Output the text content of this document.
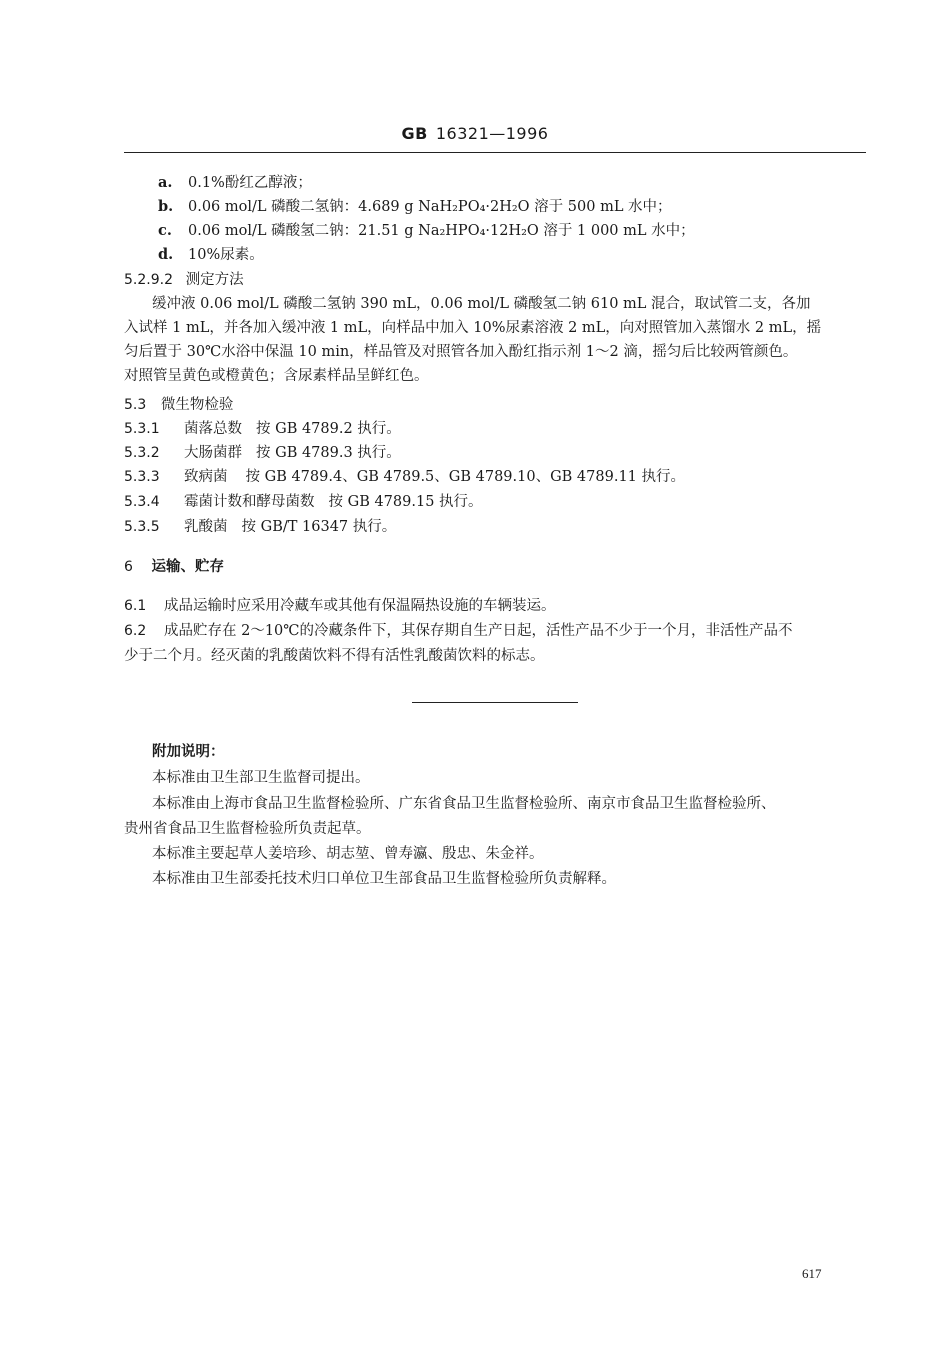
GB 16321—1996
a. 0.1%酚红乙醇液；
b. 0.06 mol/L 磷酸二氢钠：4.689 g NaH₂PO₄·2H₂O 溶于 500 mL 水中；
c. 0.06 mol/L 磷酸氢二钠：21.51 g Na₂HPO₄·12H₂O 溶于 1 000 mL 水中；
d. 10%尿素。
5.2.9.2 测定方法
缓冲液 0.06 mol/L 磷酸二氢钠 390 mL，0.06 mol/L 磷酸氢二钠 610 mL 混合，取试管二支，各加
入试样 1 mL，并各加入缓冲液 1 mL，向样品中加入 10%尿素溶液 2 mL，向对照管加入蒸馏水 2 mL，摇
匀后置于 30℃水浴中保温 10 min，样品管及对照管各加入酚红指示剂 1～2 滴，摇匀后比较两管颜色。
对照管呈黄色或橙黄色；含尿素样品呈鲜红色。
5.3 微生物检验
5.3.1 菌落总数 按 GB 4789.2 执行。
5.3.2 大肠菌群 按 GB 4789.3 执行。
5.3.3 致病菌 按 GB 4789.4、GB 4789.5、GB 4789.10、GB 4789.11 执行。
5.3.4 霉菌计数和酵母菌数 按 GB 4789.15 执行。
5.3.5 乳酸菌 按 GB/T 16347 执行。
6 运输、贮存
6.1 成品运输时应采用冷藏车或其他有保温隔热设施的车辆装运。
6.2 成品贮存在 2～10℃的冷藏条件下，其保存期自生产日起，活性产品不少于一个月，非活性产品不
少于二个月。经灭菌的乳酸菌饮料不得有活性乳酸菌饮料的标志。
附加说明：
本标准由卫生部卫生监督司提出。
本标准由上海市食品卫生监督检验所、广东省食品卫生监督检验所、南京市食品卫生监督检验所、
贵州省食品卫生监督检验所负责起草。
本标准主要起草人姜培珍、胡志堃、曾寿瀛、殷忠、朱金祥。
本标准由卫生部委托技术归口单位卫生部食品卫生监督检验所负责解释。
617
